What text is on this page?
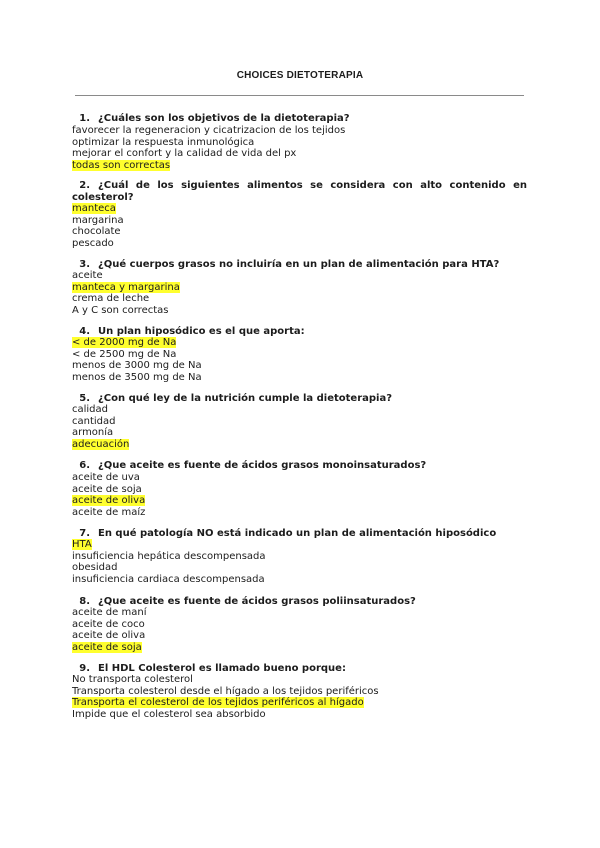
CHOICES DIETOTERAPIA
1. ¿Cuáles son los objetivos de la dietoterapia?
favorecer la regeneracion y cicatrizacion de los tejidos
optimizar la respuesta inmunológica
mejorar el confort y la calidad de vida del px
todas son correctas
2. ¿Cuál de los siguientes alimentos se considera con alto contenido en colesterol?
manteca
margarina
chocolate
pescado
3. ¿Qué cuerpos grasos no incluiría en un plan de alimentación para HTA?
aceite
manteca y margarina
crema de leche
A y C son correctas
4. Un plan hiposódico es el que aporta:
< de 2000 mg de Na
< de 2500 mg de Na
menos de 3000 mg de Na
menos de 3500 mg de Na
5. ¿Con qué ley de la nutrición cumple la dietoterapia?
calidad
cantidad
armonía
adecuación
6. ¿Que aceite es fuente de ácidos grasos monoinsaturados?
aceite de uva
aceite de soja
aceite de oliva
aceite de maíz
7. En qué patología NO está indicado un plan de alimentación hiposódico
HTA
insuficiencia hepática descompensada
obesidad
insuficiencia cardiaca descompensada
8. ¿Que aceite es fuente de ácidos grasos poliinsaturados?
aceite de maní
aceite de coco
aceite de oliva
aceite de soja
9. El HDL Colesterol es llamado bueno porque:
No transporta colesterol
Transporta colesterol desde el hígado a los tejidos periféricos
Transporta el colesterol de los tejidos periféricos al hígado
Impide que el colesterol sea absorbido
